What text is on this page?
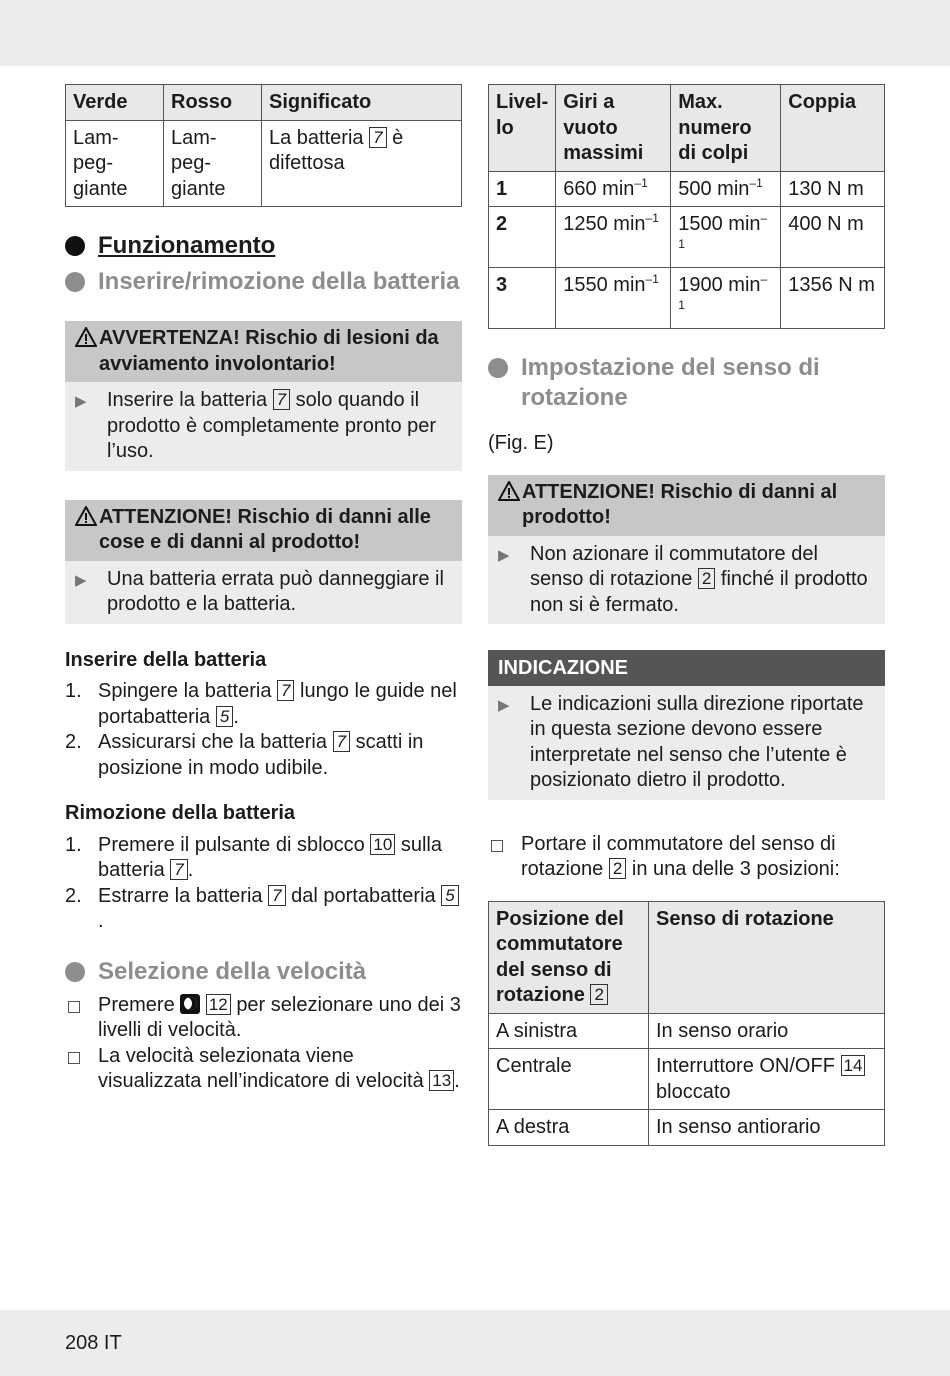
Verde	Rosso	Significato
Lam-
peg-
giante	Lam-
peg-
giante	La batteria 7 è difettosa
Funzionamento
Inserire/rimozione della batteria
AVVERTENZA! Rischio di lesioni da avviamento involontario!
▶	Inserire la batteria 7 solo quando il prodotto è completamente pronto per l’uso.
ATTENZIONE! Rischio di danni alle cose e di danni al prodotto!
▶	Una batteria errata può danneggiare il prodotto e la batteria.
Inserire della batteria
1. Spingere la batteria 7 lungo le guide nel portabatteria 5 .
2. Assicurarsi che la batteria 7 scatti in posizione in modo udibile.
Rimozione della batteria
1. Premere il pulsante di sblocco 10 sulla batteria 7 .
2. Estrarre la batteria 7 dal portabatteria 5.
Selezione della velocità
Premere 12 per selezionare uno dei 3 livelli di velocità.
La velocità selezionata viene visualizzata nell’indicatore di velocità 13 .
Livel-
lo	Giri a vuoto massimi	Max. numero di colpi	Coppia
1	660 $\min^{-1}$	500 $\min^{-1}$	130 N m
2	1250 $\min^{-1}$	1500 $\min^{-1}$	400 N m
3	1550 $\min^{-1}$	1900 $\min^{-1}$	1356 N m
Impostazione del senso di rotazione
(Fig. E)
ATTENZIONE! Rischio di danni al prodotto!
▶	Non azionare il commutatore del senso di rotazione 2 finché il prodotto non si è fermato.
INDICAZIONE
▶	Le indicazioni sulla direzione riportate in questa sezione devono essere interpretate nel senso che l’utente è posizionato dietro il prodotto.
Portare il commutatore del senso di rotazione 2 in una delle 3 posizioni:
Posizione del commutatore del senso di rotazione 2	Senso di rotazione
A sinistra	In senso orario
Centrale	Interruttore ON/OFF 14 bloccato
A destra	In senso antiorario
208 IT
